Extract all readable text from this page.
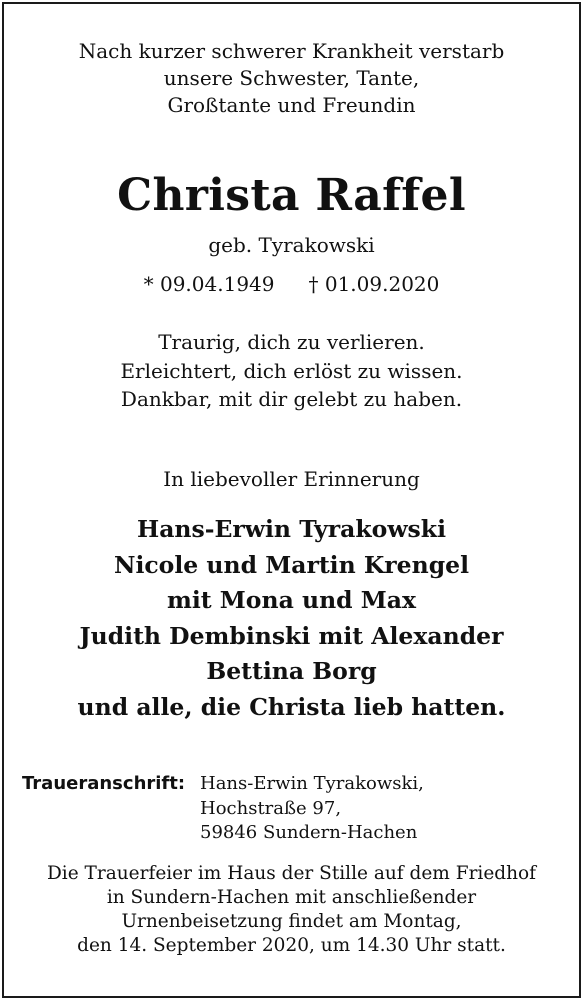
Nach kurzer schwerer Krankheit verstarb
unsere Schwester, Tante,
Großtante und Freundin
Christa Raffel
geb. Tyrakowski
* 09.04.1949 † 01.09.2020
Traurig, dich zu verlieren.
Erleichtert, dich erlöst zu wissen.
Dankbar, mit dir gelebt zu haben.
In liebevoller Erinnerung
Hans-Erwin Tyrakowski
Nicole und Martin Krengel
mit Mona und Max
Judith Dembinski mit Alexander
Bettina Borg
und alle, die Christa lieb hatten.
Traueranschrift: Hans-Erwin Tyrakowski,
Hochstraße 97,
59846 Sundern-Hachen
Die Trauerfeier im Haus der Stille auf dem Friedhof
in Sundern-Hachen mit anschließender
Urnenbeisetzung findet am Montag,
den 14. September 2020, um 14.30 Uhr statt.
